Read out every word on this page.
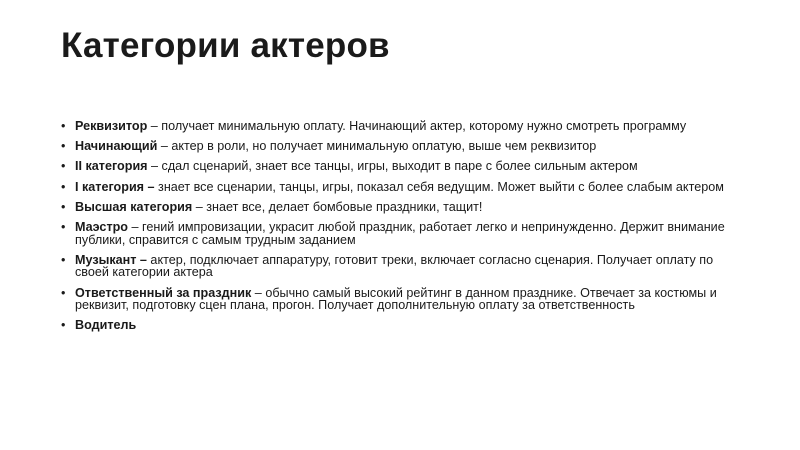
Категории актеров
• Реквизитор – получает минимальную оплату. Начинающий актер, которому нужно смотреть программу
• Начинающий – актер в роли, но получает минимальную оплатую, выше чем реквизитор
• II категория – сдал сценарий, знает все танцы, игры, выходит в паре с более сильным актером
• I категория – знает все сценарии, танцы, игры, показал себя ведущим. Может выйти с более слабым актером
• Высшая категория – знает все, делает бомбовые праздники, тащит!
• Маэстро – гений импровизации, украсит любой праздник, работает легко и непринужденно. Держит внимание публики, справится с самым трудным заданием
• Музыкант – актер, подключает аппаратуру, готовит треки, включает согласно сценария. Получает оплату по своей категории актера
• Ответственный за праздник – обычно самый высокий рейтинг в данном празднике. Отвечает за костюмы и реквизит, подготовку сцен плана, прогон. Получает дополнительную оплату за ответственность
• Водитель
